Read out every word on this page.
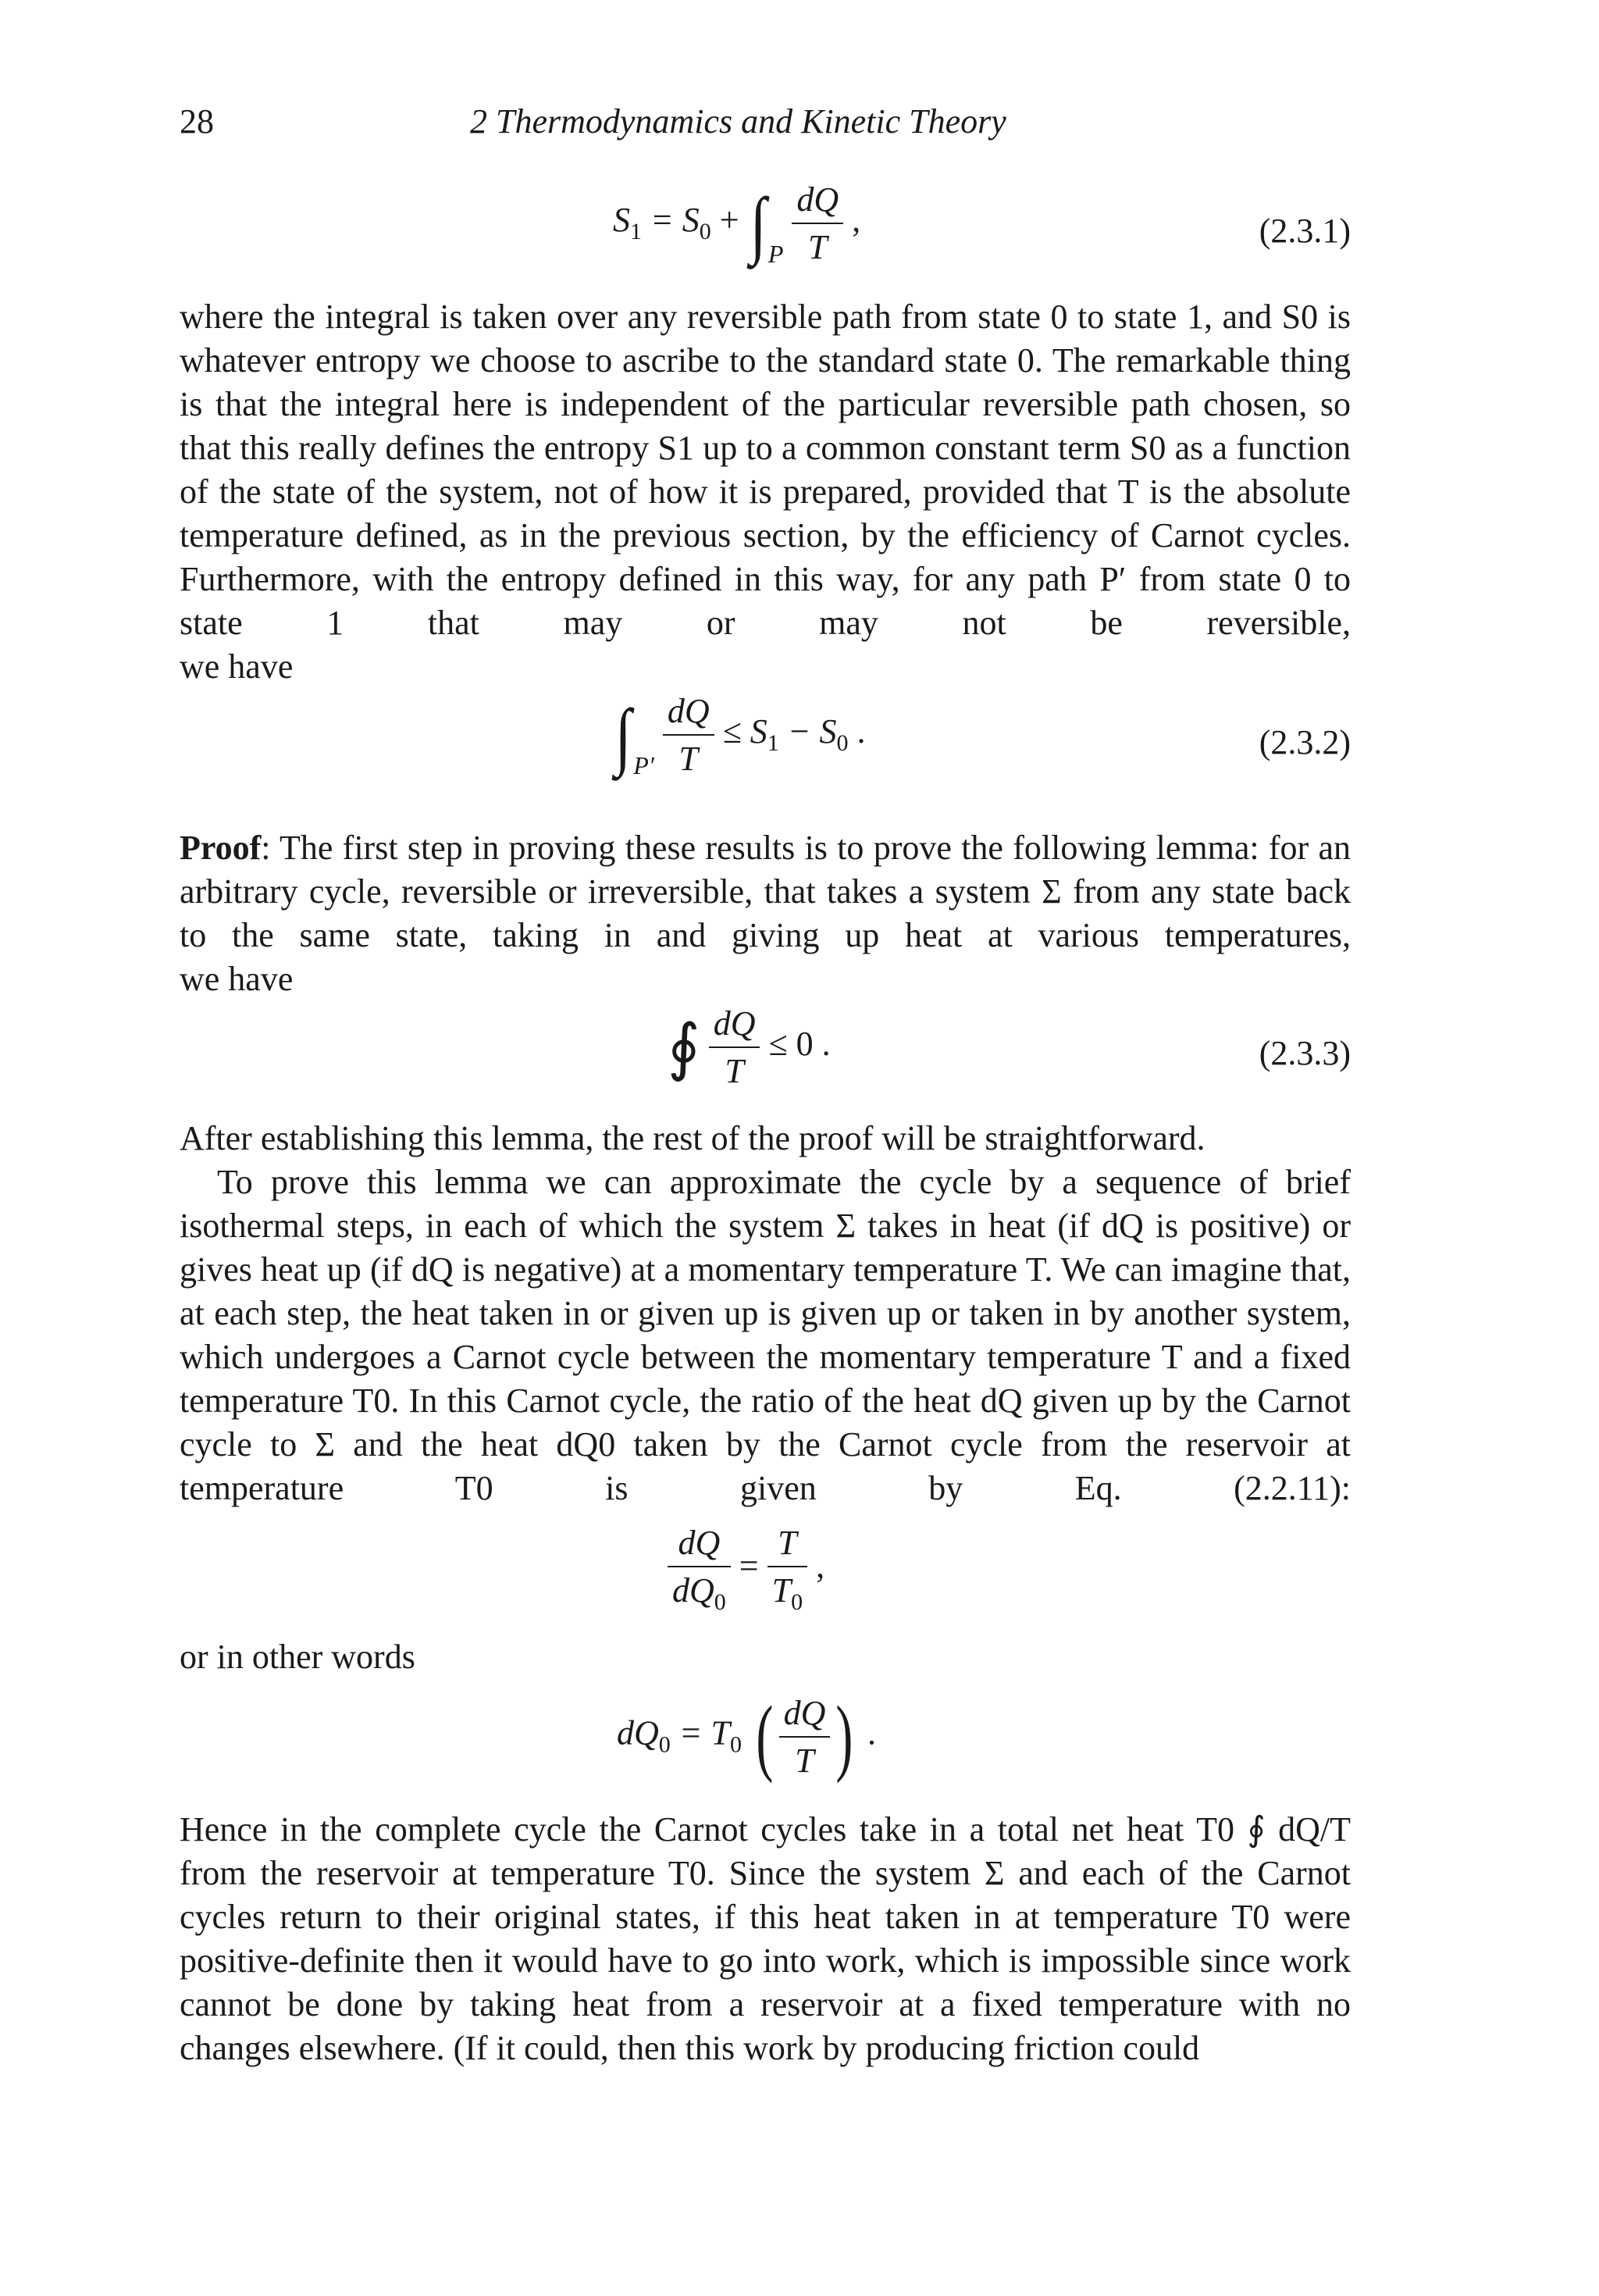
28	2 Thermodynamics and Kinetic Theory
$S_1 = S_0 + \int_P \frac{dQ}{T}$ ,	(2.3.1)
where the integral is taken over any reversible path from state 0 to state 1, and S0 is whatever entropy we choose to ascribe to the standard state 0. The remarkable thing is that the integral here is independent of the particular reversible path chosen, so that this really defines the entropy S1 up to a common constant term S0 as a function of the state of the system, not of how it is prepared, provided that T is the absolute temperature defined, as in the previous section, by the efficiency of Carnot cycles. Furthermore, with the entropy defined in this way, for any path P′ from state 0 to state 1 that may or may not be reversible,
we have
$\int_{P'} \frac{dQ}{T} \le S_1 - S_0$ .	(2.3.2)
Proof: The first step in proving these results is to prove the following lemma: for an arbitrary cycle, reversible or irreversible, that takes a system Σ from any state back to the same state, taking in and giving up heat at various temperatures,
we have
∮ $\frac{dQ}{T} \le 0$ .	(2.3.3)
After establishing this lemma, the rest of the proof will be straightforward.
To prove this lemma we can approximate the cycle by a sequence of brief isothermal steps, in each of which the system Σ takes in heat (if dQ is positive) or gives heat up (if dQ is negative) at a momentary temperature T. We can imagine that, at each step, the heat taken in or given up is given up or taken in by another system, which undergoes a Carnot cycle between the momentary temperature T and a fixed temperature T0. In this Carnot cycle, the ratio of the heat dQ given up by the Carnot cycle to Σ and the heat dQ0 taken by the Carnot cycle from the reservoir at temperature T0 is given by Eq. (2.2.11):
$\frac{dQ}{dQ_0} = \frac{T}{T_0}$ ,
or in other words
$dQ_0 = T_0$ ( $\frac{dQ}{T}$ ) .
Hence in the complete cycle the Carnot cycles take in a total net heat T0 ∮ dQ/T from the reservoir at temperature T0. Since the system Σ and each of the Carnot cycles return to their original states, if this heat taken in at temperature T0 were positive-definite then it would have to go into work, which is impossible since work cannot be done by taking heat from a reservoir at a fixed temperature with no changes elsewhere. (If it could, then this work by producing friction could
